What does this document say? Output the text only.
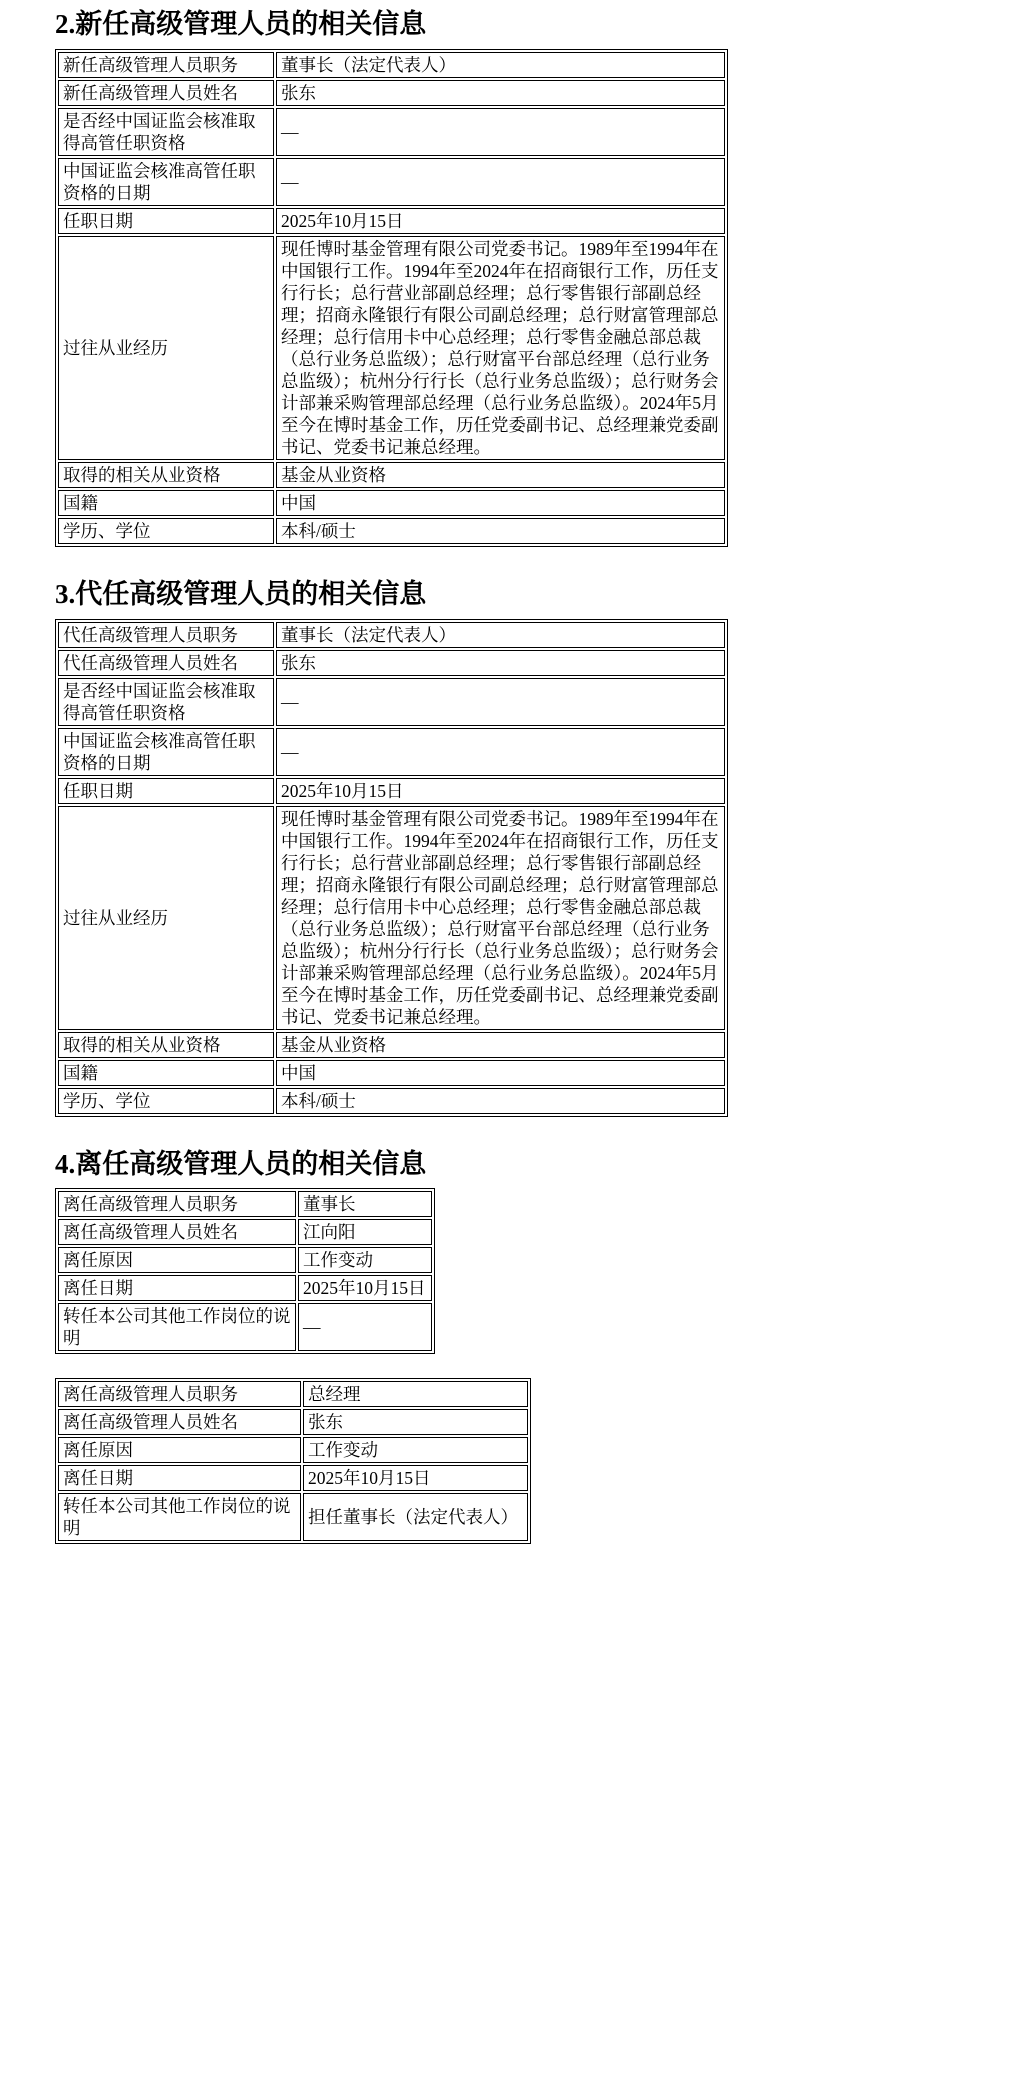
2.新任高级管理人员的相关信息
新任高级管理人员职务	董事长（法定代表人）
新任高级管理人员姓名	张东
是否经中国证监会核准取得高管任职资格	—
中国证监会核准高管任职资格的日期	—
任职日期	2025年10月15日
过往从业经历	现任博时基金管理有限公司党委书记。1989年至1994年在中国银行工作。1994年至2024年在招商银行工作，历任支行行长；总行营业部副总经理；总行零售银行部副总经理；招商永隆银行有限公司副总经理；总行财富管理部总经理；总行信用卡中心总经理；总行零售金融总部总裁（总行业务总监级）；总行财富平台部总经理（总行业务总监级）；杭州分行行长（总行业务总监级）；总行财务会计部兼采购管理部总经理（总行业务总监级）。2024年5月至今在博时基金工作，历任党委副书记、总经理兼党委副书记、党委书记兼总经理。
取得的相关从业资格	基金从业资格
国籍	中国
学历、学位	本科/硕士
3.代任高级管理人员的相关信息
代任高级管理人员职务	董事长（法定代表人）
代任高级管理人员姓名	张东
是否经中国证监会核准取得高管任职资格	—
中国证监会核准高管任职资格的日期	—
任职日期	2025年10月15日
过往从业经历	现任博时基金管理有限公司党委书记。1989年至1994年在中国银行工作。1994年至2024年在招商银行工作，历任支行行长；总行营业部副总经理；总行零售银行部副总经理；招商永隆银行有限公司副总经理；总行财富管理部总经理；总行信用卡中心总经理；总行零售金融总部总裁（总行业务总监级）；总行财富平台部总经理（总行业务总监级）；杭州分行行长（总行业务总监级）；总行财务会计部兼采购管理部总经理（总行业务总监级）。2024年5月至今在博时基金工作，历任党委副书记、总经理兼党委副书记、党委书记兼总经理。
取得的相关从业资格	基金从业资格
国籍	中国
学历、学位	本科/硕士
4.离任高级管理人员的相关信息
离任高级管理人员职务	董事长
离任高级管理人员姓名	江向阳
离任原因	工作变动
离任日期	2025年10月15日
转任本公司其他工作岗位的说明	—
离任高级管理人员职务	总经理
离任高级管理人员姓名	张东
离任原因	工作变动
离任日期	2025年10月15日
转任本公司其他工作岗位的说明	担任董事长（法定代表人）
